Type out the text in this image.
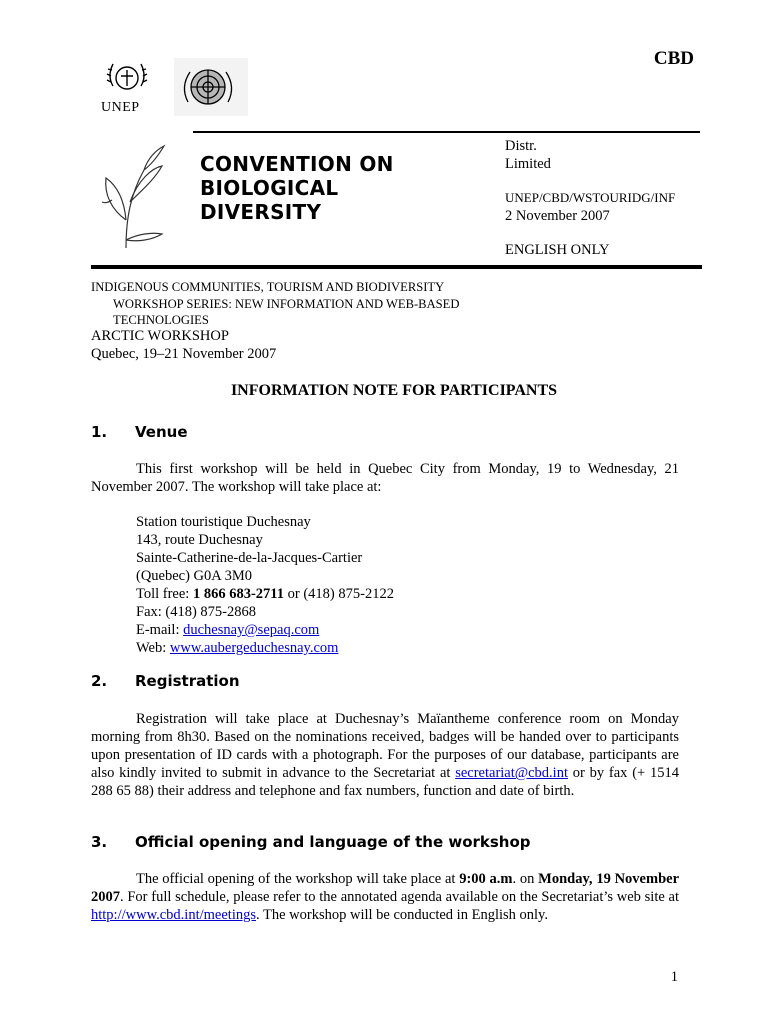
CBD
UNEP
CONVENTION ON
BIOLOGICAL
DIVERSITY
Distr.
Limited
UNEP/CBD/WSTOURIDG/INF
2 November 2007
ENGLISH ONLY
INDIGENOUS COMMUNITIES, TOURISM AND BIODIVERSITY
WORKSHOP SERIES: NEW INFORMATION AND WEB-BASED
TECHNOLOGIES
ARCTIC WORKSHOP
Quebec, 19–21 November 2007
INFORMATION NOTE FOR PARTICIPANTS
1. Venue
This first workshop will be held in Quebec City from Monday, 19 to Wednesday, 21 November 2007. The workshop will take place at:
Station touristique Duchesnay
143, route Duchesnay
Sainte-Catherine-de-la-Jacques-Cartier
(Quebec) G0A 3M0
Toll free: 1 866 683-2711 or (418) 875-2122
Fax: (418) 875-2868
E-mail: duchesnay@sepaq.com
Web: www.aubergeduchesnay.com
2. Registration
Registration will take place at Duchesnay’s Maïantheme conference room on Monday morning from 8h30. Based on the nominations received, badges will be handed over to participants upon presentation of ID cards with a photograph. For the purposes of our database, participants are also kindly invited to submit in advance to the Secretariat at secretariat@cbd.int or by fax (+ 1514 288 65 88) their address and telephone and fax numbers, function and date of birth.
3. Official opening and language of the workshop
The official opening of the workshop will take place at 9:00 a.m. on Monday, 19 November 2007. For full schedule, please refer to the annotated agenda available on the Secretariat’s web site at http://www.cbd.int/meetings. The workshop will be conducted in English only.
1
